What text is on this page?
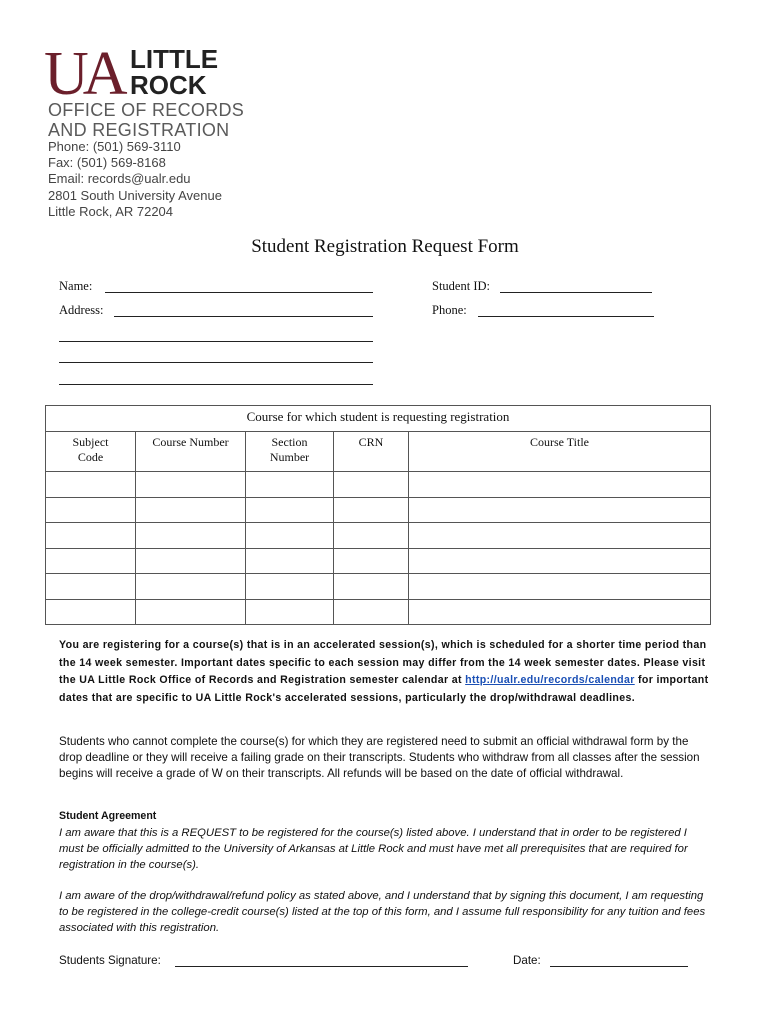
UA LITTLE
ROCK
OFFICE OF RECORDS
AND REGISTRATION
Phone: (501) 569-3110
Fax: (501) 569-8168
Email: records@ualr.edu
2801 South University Avenue
Little Rock, AR 72204
Student Registration Request Form
Name:	Student ID:
Address:	Phone:
Course for which student is requesting registration				
Subject Code	Course Number	Section Number	CRN	Course Title

You are registering for a course(s) that is in an accelerated session(s), which is scheduled for a shorter time period than the 14 week semester. Important dates specific to each session may differ from the 14 week semester dates. Please visit the UA Little Rock Office of Records and Registration semester calendar at http://ualr.edu/records/calendar for important dates that are specific to UA Little Rock's accelerated sessions, particularly the drop/withdrawal deadlines.
Students who cannot complete the course(s) for which they are registered need to submit an official withdrawal form by the drop deadline or they will receive a failing grade on their transcripts. Students who withdraw from all classes after the session begins will receive a grade of W on their transcripts. All refunds will be based on the date of official withdrawal.
Student Agreement
I am aware that this is a REQUEST to be registered for the course(s) listed above. I understand that in order to be registered I must be officially admitted to the University of Arkansas at Little Rock and must have met all prerequisites that are required for registration in the course(s).
I am aware of the drop/withdrawal/refund policy as stated above, and I understand that by signing this document, I am requesting to be registered in the college-credit course(s) listed at the top of this form, and I assume full responsibility for any tuition and fees associated with this registration.
Students Signature:	Date:
